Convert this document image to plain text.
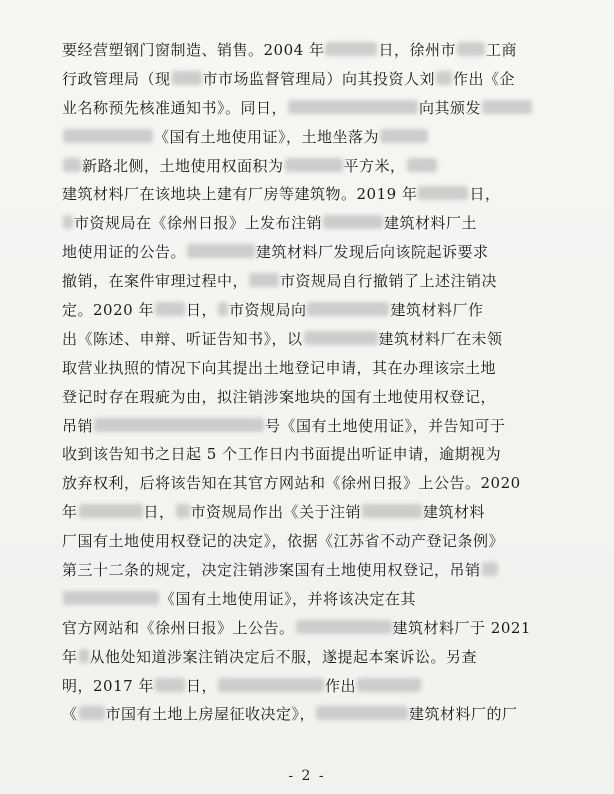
要经营塑钢门窗制造、销售。2004 年	日，徐州市 工商
行政管理局（现 市市场监督管理局）向其投资人刘 作出《企
业名称预先核准通知书》。同日，	向其颁发
《国有土地使用证》，土地坐落为
新路北侧，土地使用权面积为	平方米，
建筑材料厂在该地块上建有厂房等建筑物。2019 年	日，
市资规局在《徐州日报》上发布注销	建筑材料厂土
地使用证的公告。	建筑材料厂发现后向该院起诉要求
撤销，在案件审理过程中， 市资规局自行撤销了上述注销决
定。2020 年 日， 市资规局向	建筑材料厂作
出《陈述、申辩、听证告知书》，以	建筑材料厂在未领
取营业执照的情况下向其提出土地登记申请，其在办理该宗土地
登记时存在瑕疵为由，拟注销涉案地块的国有土地使用权登记，
吊销	号《国有土地使用证》，并告知可于
收到该告知书之日起 5 个工作日内书面提出听证申请，逾期视为
放弃权利，后将该告知在其官方网站和《徐州日报》上公告。2020
年	日， 市资规局作出《关于注销	建筑材料
厂国有土地使用权登记的决定》，依据《江苏省不动产登记条例》
第三十二条的规定，决定注销涉案国有土地使用权登记，吊销
《国有土地使用证》，并将该决定在其
官方网站和《徐州日报》上公告。	建筑材料厂于 2021
年 从他处知道涉案注销决定后不服，遂提起本案诉讼。另查
明，2017 年 日，	作出
《 市国有土地上房屋征收决定》，	建筑材料厂的厂
- 2 -
